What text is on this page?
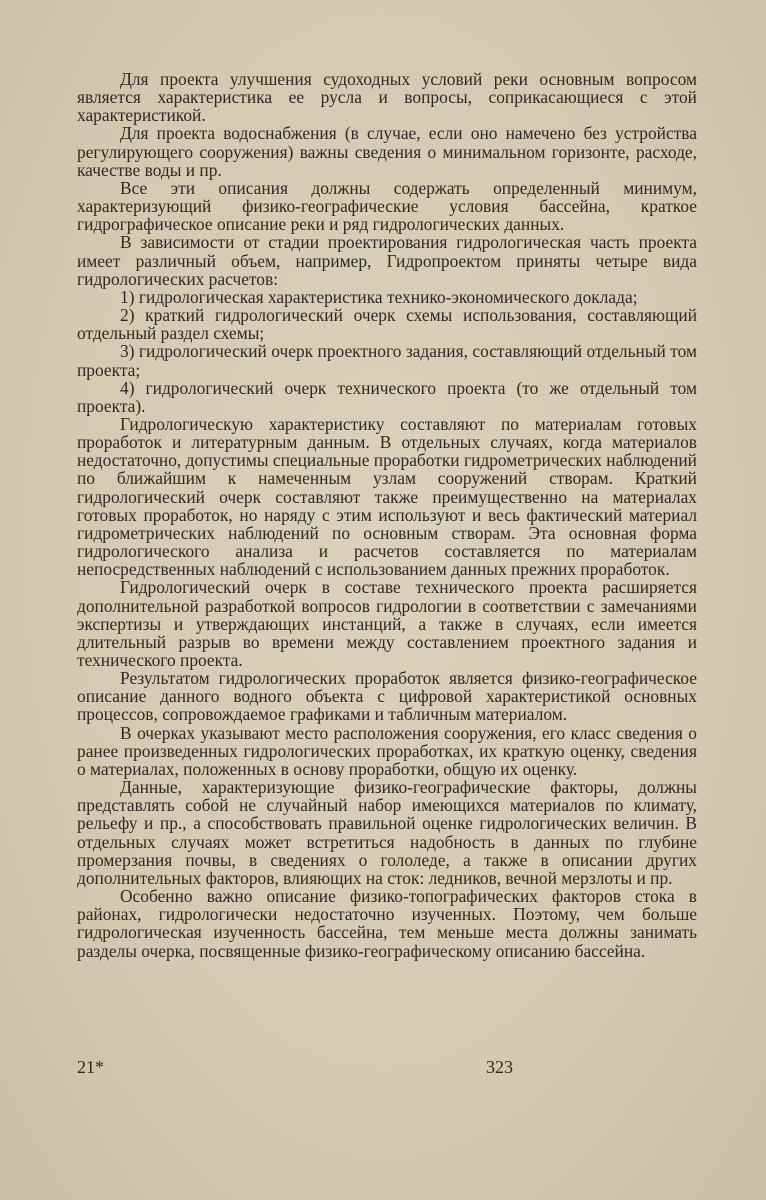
Для проекта улучшения судоходных условий реки основным вопросом является характеристика ее русла и вопросы, соприкасающиеся с этой характеристикой.

Для проекта водоснабжения (в случае, если оно намечено без устройства регулирующего сооружения) важны сведения о минимальном горизонте, расходе, качестве воды и пр.

Все эти описания должны содержать определенный минимум, характеризующий физико-географические условия бассейна, краткое гидрографическое описание реки и ряд гидрологических данных.

В зависимости от стадии проектирования гидрологическая часть проекта имеет различный объем, например, Гидропроектом приняты четыре вида гидрологических расчетов:

1) гидрологическая характеристика технико-экономического доклада;

2) краткий гидрологический очерк схемы использования, составляющий отдельный раздел схемы;

3) гидрологический очерк проектного задания, составляющий отдельный том проекта;

4) гидрологический очерк технического проекта (то же отдельный том проекта).

Гидрологическую характеристику составляют по материалам готовых проработок и литературным данным. В отдельных случаях, когда материалов недостаточно, допустимы специальные проработки гидрометрических наблюдений по ближайшим к намеченным узлам сооружений створам. Краткий гидрологический очерк составляют также преимущественно на материалах готовых проработок, но наряду с этим используют и весь фактический материал гидрометрических наблюдений по основным створам. Эта основная форма гидрологического анализа и расчетов составляется по материалам непосредственных наблюдений с использованием данных прежних проработок.

Гидрологический очерк в составе технического проекта расширяется дополнительной разработкой вопросов гидрологии в соответствии с замечаниями экспертизы и утверждающих инстанций, а также в случаях, если имеется длительный разрыв во времени между составлением проектного задания и технического проекта.

Результатом гидрологических проработок является физико-географическое описание данного водного объекта с цифровой характеристикой основных процессов, сопровождаемое графиками и табличным материалом.

В очерках указывают место расположения сооружения, его класс сведения о ранее произведенных гидрологических проработках, их краткую оценку, сведения о материалах, положенных в основу проработки, общую их оценку.

Данные, характеризующие физико-географические факторы, должны представлять собой не случайный набор имеющихся материалов по климату, рельефу и пр., а способствовать правильной оценке гидрологических величин. В отдельных случаях может встретиться надобность в данных по глубине промерзания почвы, в сведениях о гололеде, а также в описании других дополнительных факторов, влияющих на сток: ледников, вечной мерзлоты и пр.

Особенно важно описание физико-топографических факторов стока в районах, гидрологически недостаточно изученных. Поэтому, чем больше гидрологическая изученность бассейна, тем меньше места должны занимать разделы очерка, посвященные физико-географическому описанию бассейна.

21*	323
